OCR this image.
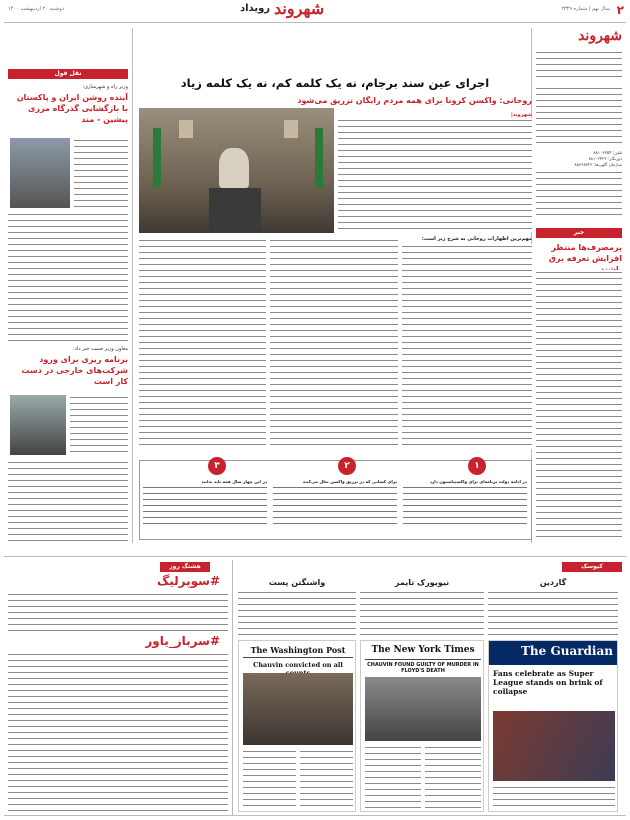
۲
سال نهم | شماره ۲۳۴۹
دوشنبه ۲۰ اردیبهشت ۱۴۰۰	رویداد شهروند
شهروند
تلفن: ۸۸۱۰۳۳۵۴
دورنگار: ۸۸۱۰۲۴۲۳
سازمان آگهی‌ها: ۸۸۳۶۸۷۲۲
خبر
پرمصرف‌ها منتظر افزایش تعرفه برق
نقل قول
وزیر راه و شهرسازی:
آینده روشن ایران و پاکستان با بازگشایی گذرگاه مرزی پیشین - مند
معاون وزیر صمت خبر داد:
برنامه ریزی برای ورود شرکت‌های خارجی در دست کار است
اجرای عین سند برجام، نه یک کلمه کم، نه یک کلمه زیاد
روحانی: واکسن کرونا برای همه مردم رایگان تزریق می‌شود
شهروند|
مهم‌ترین اظهارات روحانی به شرح زیر است:
۱
۲
۳
در ادامه دولت برنامه‌ای برای واکسیناسیون دارد
برای کسانی که در تزریق واکسن تعلل می‌کنند
در این چهار سال همه باید بدانند
هشتگ روز
#سوپرلیگ
#سرباز_یاور
کیوسک
گاردین
The Guardian
Fans celebrate as Super League stands on brink of collapse
نیویورک تایمز
The New York Times
CHAUVIN FOUND GUILTY OF MURDER IN FLOYD'S DEATH
واشنگتن پست
The Washington Post
Chauvin convicted on all
